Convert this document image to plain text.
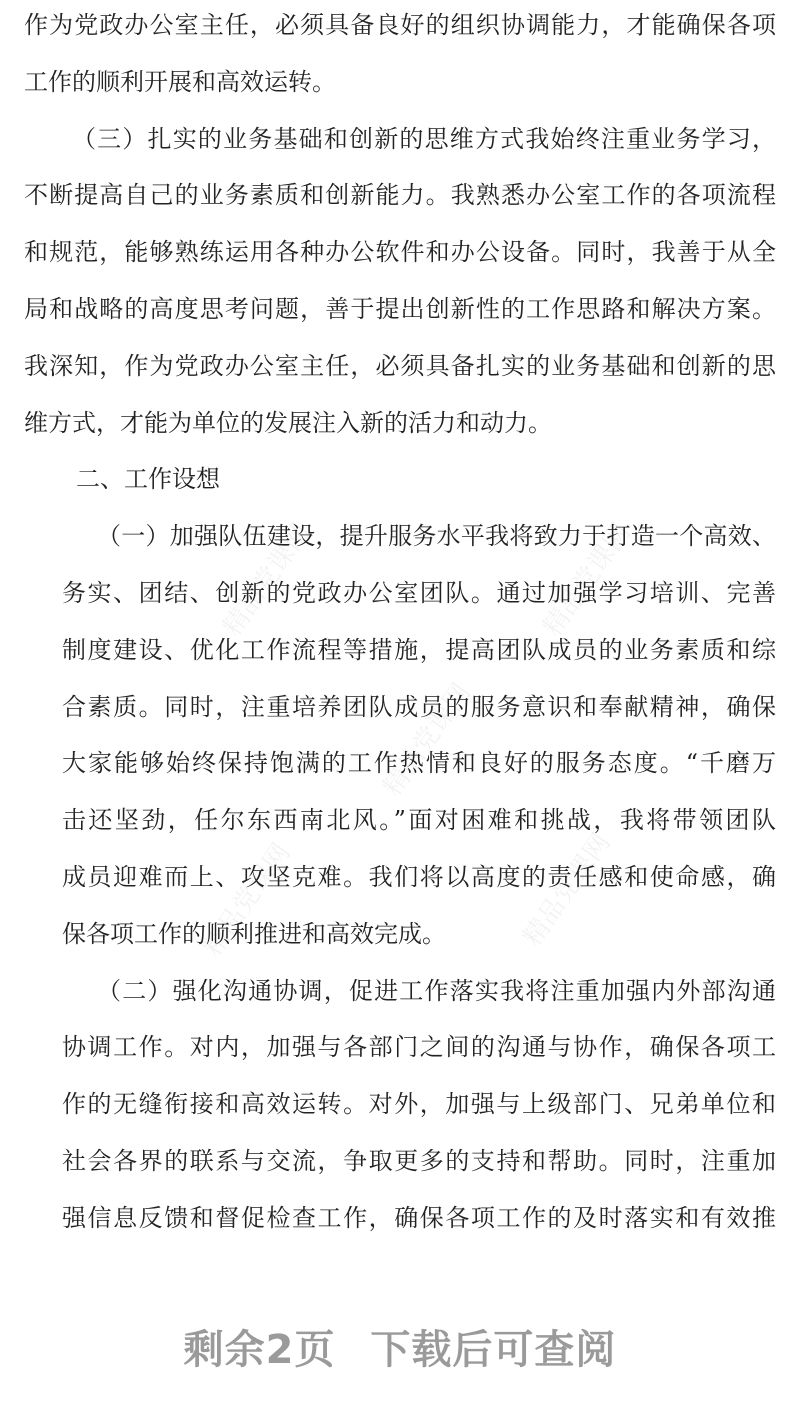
精品党课网	精品党课网
精品党课网
精品党课网	精品党课网
作为党政办公室主任，必须具备良好的组织协调能力，才能确保各项
工作的顺利开展和高效运转。
（三）扎实的业务基础和创新的思维方式我始终注重业务学习，
不断提高自己的业务素质和创新能力。我熟悉办公室工作的各项流程
和规范，能够熟练运用各种办公软件和办公设备。同时，我善于从全
局和战略的高度思考问题，善于提出创新性的工作思路和解决方案。
我深知，作为党政办公室主任，必须具备扎实的业务基础和创新的思
维方式，才能为单位的发展注入新的活力和动力。
二、工作设想
（一）加强队伍建设，提升服务水平我将致力于打造一个高效、
务实、团结、创新的党政办公室团队。通过加强学习培训、完善
制度建设、优化工作流程等措施，提高团队成员的业务素质和综
合素质。同时，注重培养团队成员的服务意识和奉献精神，确保
大家能够始终保持饱满的工作热情和良好的服务态度。“千磨万
击还坚劲，任尔东西南北风。”面对困难和挑战，我将带领团队
成员迎难而上、攻坚克难。我们将以高度的责任感和使命感，确
保各项工作的顺利推进和高效完成。
（二）强化沟通协调，促进工作落实我将注重加强内外部沟通
协调工作。对内，加强与各部门之间的沟通与协作，确保各项工
作的无缝衔接和高效运转。对外，加强与上级部门、兄弟单位和
社会各界的联系与交流，争取更多的支持和帮助。同时，注重加
强信息反馈和督促检查工作，确保各项工作的及时落实和有效推
剩余2页 下载后可查阅
